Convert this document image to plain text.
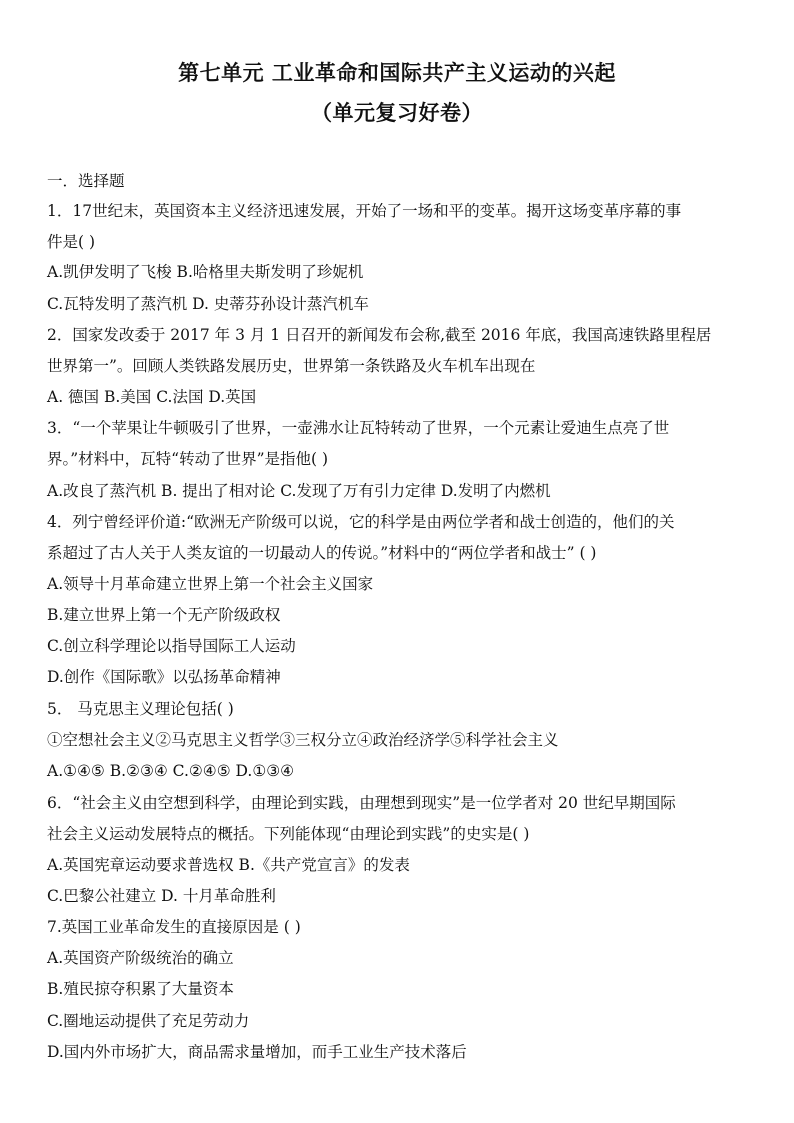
第七单元 工业革命和国际共产主义运动的兴起
（单元复习好卷）
一．选择题
1．17世纪末，英国资本主义经济迅速发展，开始了一场和平的变革。揭开这场变革序幕的事
件是( )
A.凯伊发明了飞梭 B.哈格里夫斯发明了珍妮机
C.瓦特发明了蒸汽机 D. 史蒂芬孙设计蒸汽机车
2．国家发改委于 2017 年 3 月 1 日召开的新闻发布会称,截至 2016 年底，我国高速铁路里程居
世界第一”。回顾人类铁路发展历史，世界第一条铁路及火车机车出现在
A. 德国 B.美国 C.法国 D.英国
3．“一个苹果让牛顿吸引了世界，一壶沸水让瓦特转动了世界，一个元素让爱迪生点亮了世
界。”材料中，瓦特“转动了世界”是指他( )
A.改良了蒸汽机 B. 提出了相对论 C.发现了万有引力定律 D.发明了内燃机
4．列宁曾经评价道:“欧洲无产阶级可以说，它的科学是由两位学者和战士创造的，他们的关
系超过了古人关于人类友谊的一切最动人的传说。”材料中的“两位学者和战士” ( )
A.领导十月革命建立世界上第一个社会主义国家
B.建立世界上第一个无产阶级政权
C.创立科学理论以指导国际工人运动
D.创作《国际歌》以弘扬革命精神
5． 马克思主义理论包括( )
①空想社会主义②马克思主义哲学③三权分立④政治经济学⑤科学社会主义
A.①④⑤ B.②③④ C.②④⑤ D.①③④
6．“社会主义由空想到科学，由理论到实践，由理想到现实”是一位学者对 20 世纪早期国际
社会主义运动发展特点的概括。下列能体现“由理论到实践”的史实是( )
A.英国宪章运动要求普选权 B.《共产党宣言》的发表
C.巴黎公社建立 D. 十月革命胜利
7.英国工业革命发生的直接原因是 ( )
A.英国资产阶级统治的确立
B.殖民掠夺积累了大量资本
C.圈地运动提供了充足劳动力
D.国内外市场扩大，商品需求量增加，而手工业生产技术落后
